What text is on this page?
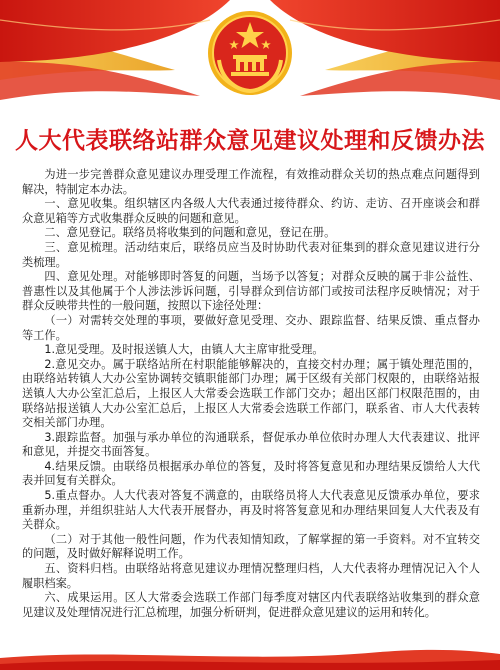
人大代表联络站群众意见建议处理和反馈办法

为进一步完善群众意见建议办理受理工作流程，有效推动群众关切的热点难点问题得到解决，特制定本办法。

一、意见收集。组织辖区内各级人大代表通过接待群众、约访、走访、召开座谈会和群众意见箱等方式收集群众反映的问题和意见。

二、意见登记。联络员将收集到的问题和意见，登记在册。

三、意见梳理。活动结束后，联络员应当及时协助代表对征集到的群众意见建议进行分类梳理。

四、意见处理。对能够即时答复的问题，当场予以答复；对群众反映的属于非公益性、普惠性以及其他属于个人涉法涉诉问题，引导群众到信访部门或按司法程序反映情况；对于群众反映带共性的一般问题，按照以下途径处理：

（一）对需转交处理的事项，要做好意见受理、交办、跟踪监督、结果反馈、重点督办等工作。

1.意见受理。及时报送镇人大，由镇人大主席审批受理。

2.意见交办。属于联络站所在村职能能够解决的，直接交村办理；属于镇处理范围的，由联络站转镇人大办公室协调转交镇职能部门办理；属于区级有关部门权限的，由联络站报送镇人大办公室汇总后，上报区人大常委会选联工作部门交办；超出区部门权限范围的，由联络站报送镇人大办公室汇总后，上报区人大常委会选联工作部门，联系省、市人大代表转交相关部门办理。

3.跟踪监督。加强与承办单位的沟通联系，督促承办单位依时办理人大代表建议、批评和意见，并提交书面答复。

4.结果反馈。由联络员根据承办单位的答复，及时将答复意见和办理结果反馈给人大代表并回复有关群众。

5.重点督办。人大代表对答复不满意的，由联络员将人大代表意见反馈承办单位，要求重新办理，并组织驻站人大代表开展督办，再及时将答复意见和办理结果回复人大代表及有关群众。

（二）对于其他一般性问题，作为代表知情知政，了解掌握的第一手资料。对不宜转交的问题，及时做好解释说明工作。

五、资料归档。由联络站将意见建议办理情况整理归档，人大代表将办理情况记入个人履职档案。

六、成果运用。区人大常委会选联工作部门每季度对辖区内代表联络站收集到的群众意见建议及处理情况进行汇总梳理，加强分析研判，促进群众意见建议的运用和转化。
